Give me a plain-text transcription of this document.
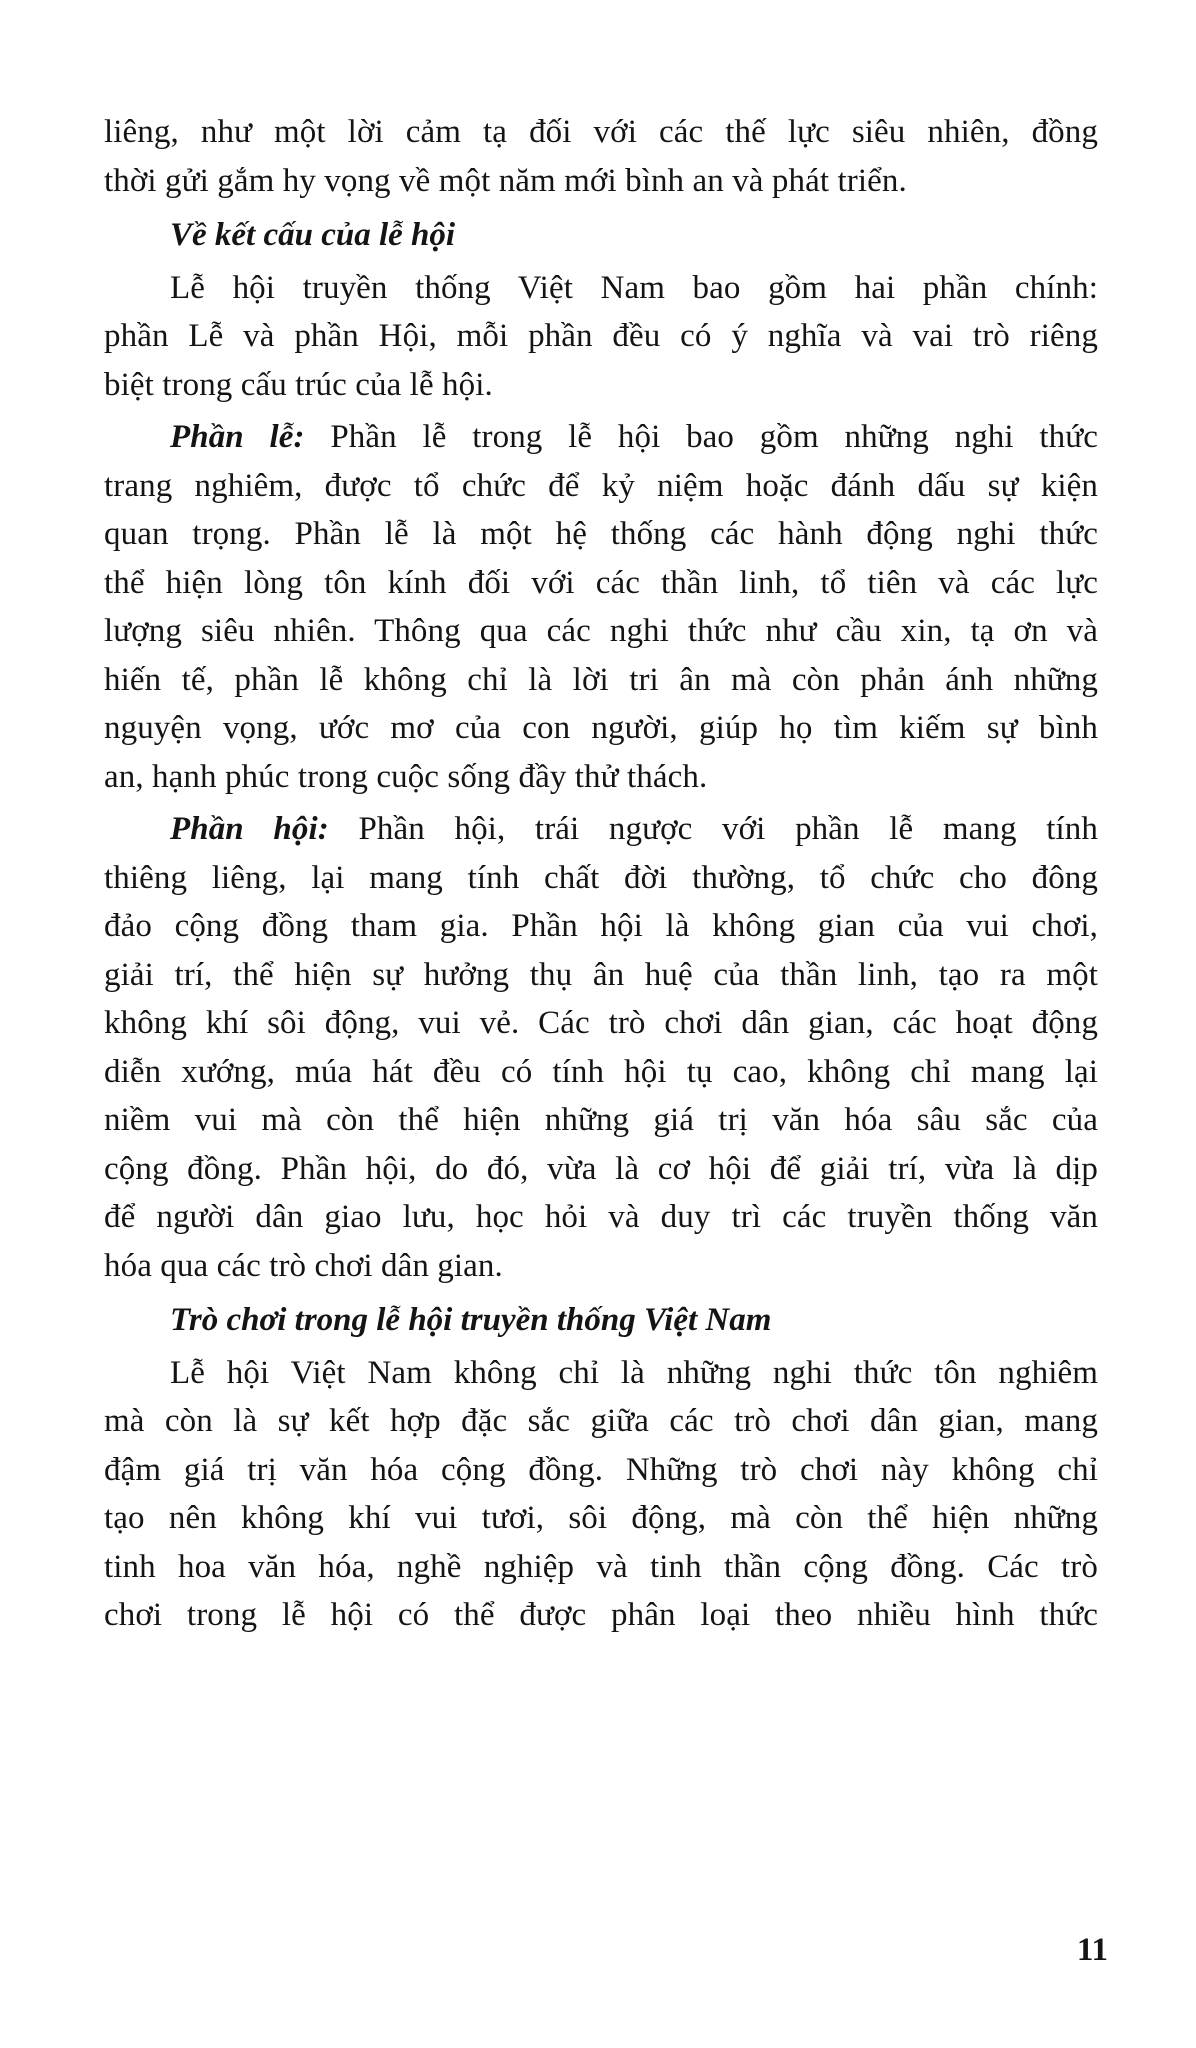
liêng, như một lời cảm tạ đối với các thế lực siêu nhiên, đồng
thời gửi gắm hy vọng về một năm mới bình an và phát triển.
Về kết cấu của lễ hội
Lễ hội truyền thống Việt Nam bao gồm hai phần chính:
phần Lễ và phần Hội, mỗi phần đều có ý nghĩa và vai trò riêng
biệt trong cấu trúc của lễ hội.
Phần lễ: Phần lễ trong lễ hội bao gồm những nghi thức
trang nghiêm, được tổ chức để kỷ niệm hoặc đánh dấu sự kiện
quan trọng. Phần lễ là một hệ thống các hành động nghi thức
thể hiện lòng tôn kính đối với các thần linh, tổ tiên và các lực
lượng siêu nhiên. Thông qua các nghi thức như cầu xin, tạ ơn và
hiến tế, phần lễ không chỉ là lời tri ân mà còn phản ánh những
nguyện vọng, ước mơ của con người, giúp họ tìm kiếm sự bình
an, hạnh phúc trong cuộc sống đầy thử thách.
Phần hội: Phần hội, trái ngược với phần lễ mang tính
thiêng liêng, lại mang tính chất đời thường, tổ chức cho đông
đảo cộng đồng tham gia. Phần hội là không gian của vui chơi,
giải trí, thể hiện sự hưởng thụ ân huệ của thần linh, tạo ra một
không khí sôi động, vui vẻ. Các trò chơi dân gian, các hoạt động
diễn xướng, múa hát đều có tính hội tụ cao, không chỉ mang lại
niềm vui mà còn thể hiện những giá trị văn hóa sâu sắc của
cộng đồng. Phần hội, do đó, vừa là cơ hội để giải trí, vừa là dịp
để người dân giao lưu, học hỏi và duy trì các truyền thống văn
hóa qua các trò chơi dân gian.
Trò chơi trong lễ hội truyền thống Việt Nam
Lễ hội Việt Nam không chỉ là những nghi thức tôn nghiêm
mà còn là sự kết hợp đặc sắc giữa các trò chơi dân gian, mang
đậm giá trị văn hóa cộng đồng. Những trò chơi này không chỉ
tạo nên không khí vui tươi, sôi động, mà còn thể hiện những
tinh hoa văn hóa, nghề nghiệp và tinh thần cộng đồng. Các trò
chơi trong lễ hội có thể được phân loại theo nhiều hình thức
11
